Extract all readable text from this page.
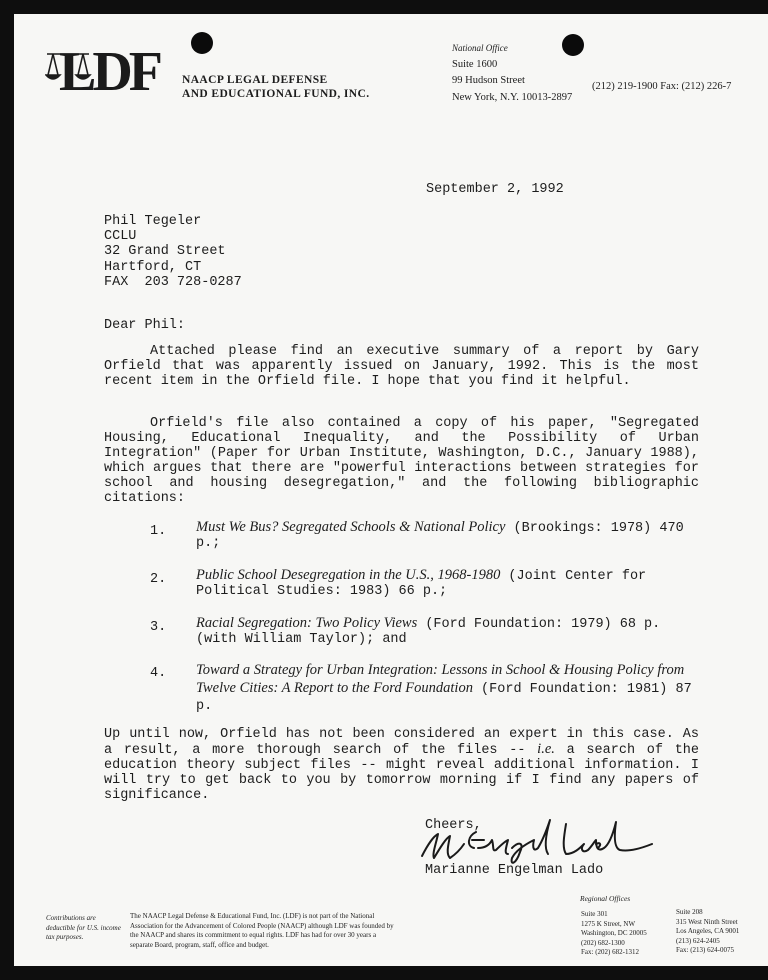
LDF NAACP LEGAL DEFENSE
AND EDUCATIONAL FUND, INC.
National Office
Suite 1600
99 Hudson Street
New York, N.Y. 10013-2897
(212) 219-1900 Fax: (212) 226-7
September 2, 1992
Phil Tegeler
CCLU
32 Grand Street
Hartford, CT
FAX  203 728-0287
Dear Phil:
Attached please find an executive summary of a report by Gary Orfield that was apparently issued on January, 1992. This is the most recent item in the Orfield file. I hope that you find it helpful.
Orfield's file also contained a copy of his paper, "Segregated Housing, Educational Inequality, and the Possibility of Urban Integration" (Paper for Urban Institute, Washington, D.C., January 1988), which argues that there are "powerful interactions between strategies for school and housing desegregation," and the following bibliographic citations:
1. Must We Bus? Segregated Schools & National Policy (Brookings: 1978) 470 p.;
2. Public School Desegregation in the U.S., 1968-1980 (Joint Center for Political Studies: 1983) 66 p.;
3. Racial Segregation: Two Policy Views (Ford Foundation: 1979) 68 p. (with William Taylor); and
4. Toward a Strategy for Urban Integration: Lessons in School & Housing Policy from Twelve Cities: A Report to the Ford Foundation (Ford Foundation: 1981) 87 p.
Up until now, Orfield has not been considered an expert in this case. As a result, a more thorough search of the files -- i.e. a search of the education theory subject files -- might reveal additional information. I will try to get back to you by tomorrow morning if I find any papers of significance.
Cheers,
Marianne Engelman Lado
Contributions are deductible for U.S. income tax purposes.
The NAACP Legal Defense & Educational Fund, Inc. (LDF) is not part of the National Association for the Advancement of Colored People (NAACP) although LDF was founded by the NAACP and shares its commitment to equal rights. LDF has had for over 30 years a separate Board, program, staff, office and budget.
Regional Offices
Suite 301
1275 K Street, NW
Washington, DC 20005
(202) 682-1300
Fax: (202) 682-1312
Suite 208
315 West Ninth Street
Los Angeles, CA 9001
(213) 624-2405
Fax: (213) 624-0075
